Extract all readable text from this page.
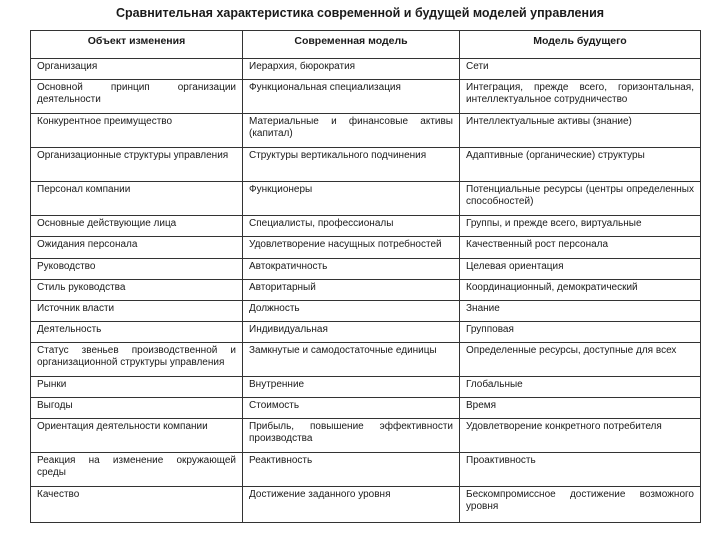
Сравнительная характеристика современной и будущей моделей управления
Объект изменения	Современная модель	Модель будущего
Организация	Иерархия, бюрократия	Сети
Основной принцип организации деятельности	Функциональная специализация	Интеграция, прежде всего, горизонтальная, интеллектуальное сотрудничество
Конкурентное преимущество	Материальные и финансовые активы (капитал)	Интеллектуальные активы (знание)
Организационные структуры управления	Структуры вертикального подчинения	Адаптивные (органические) структуры
Персонал компании	Функционеры	Потенциальные ресурсы (центры определенных способностей)
Основные действующие лица	Специалисты, профессионалы	Группы, и прежде всего, виртуальные
Ожидания персонала	Удовлетворение насущных потребностей	Качественный рост персонала
Руководство	Автократичность	Целевая ориентация
Стиль руководства	Авторитарный	Координационный, демократический
Источник власти	Должность	Знание
Деятельность	Индивидуальная	Групповая
Статус звеньев производственной и организационной структуры управления	Замкнутые и самодостаточные единицы	Определенные ресурсы, доступные для всех
Рынки	Внутренние	Глобальные
Выгоды	Стоимость	Время
Ориентация деятельности компании	Прибыль, повышение эффективности производства	Удовлетворение конкретного потребителя
Реакция на изменение окружающей среды	Реактивность	Проактивность
Качество	Достижение заданного уровня	Бескомпромиссное достижение возможного уровня
